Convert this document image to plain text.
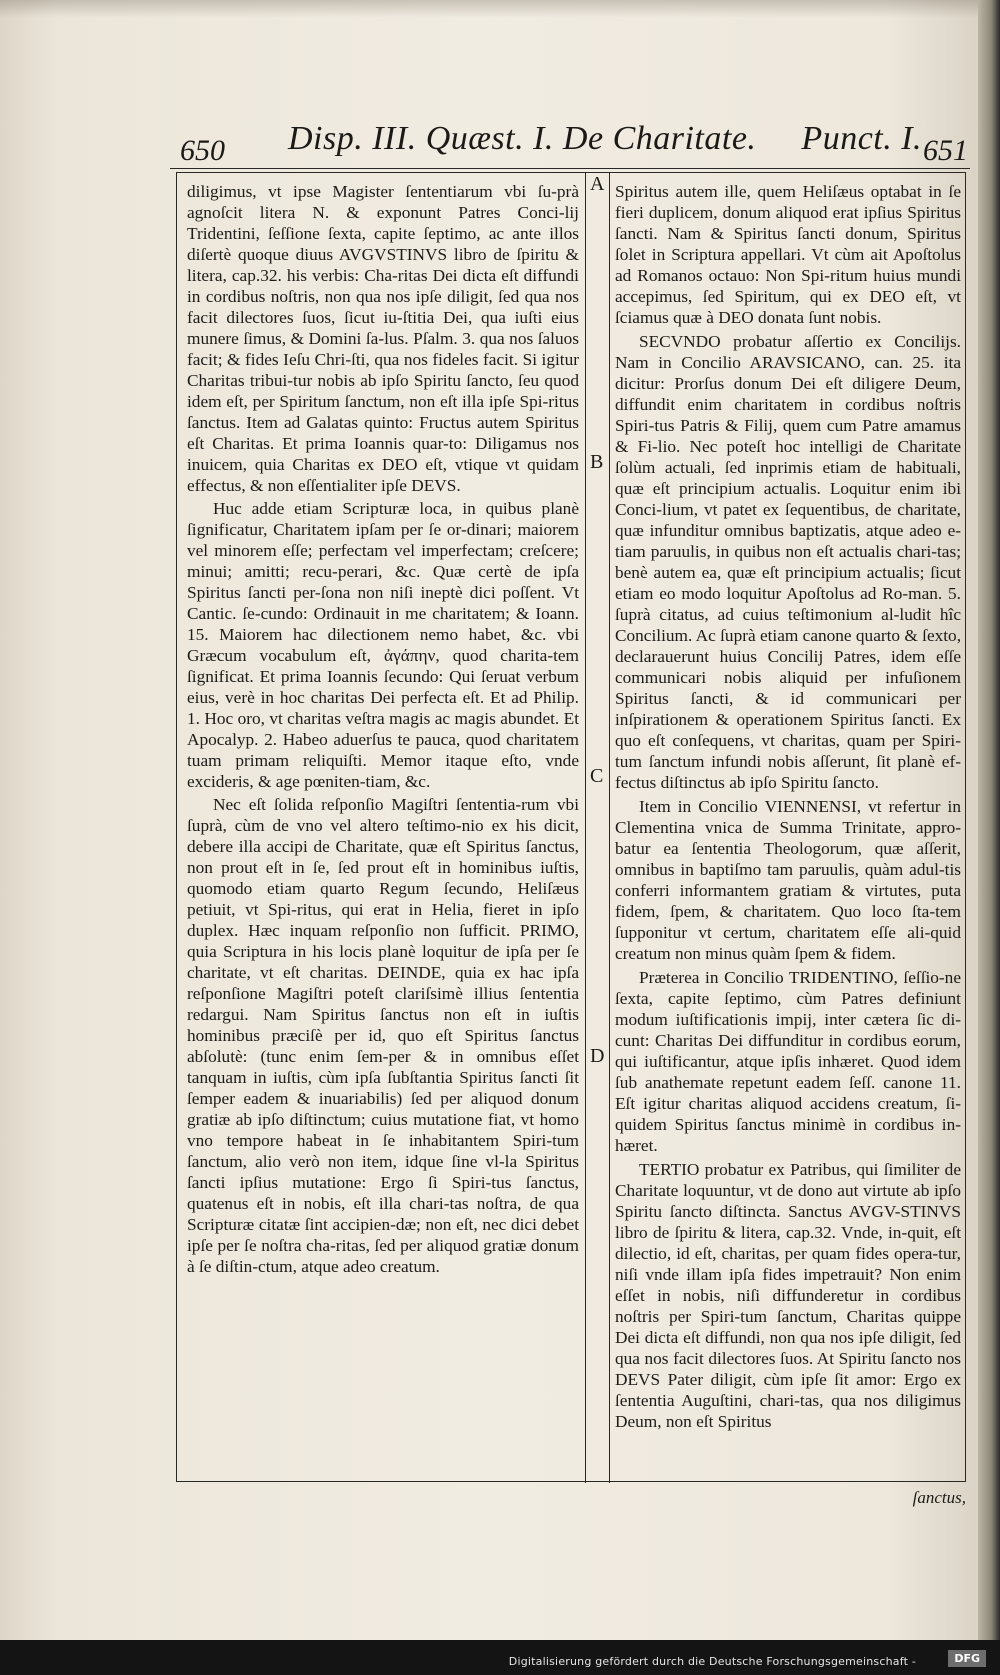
650 Disp. III. Quæst. I. De Charitate. Punct. I. 651

diligimus, vt ipse Magister ſententiarum vbi ſu-prà agnoſcit litera N. & exponunt Patres Conci-lij Tridentini, ſeſſione ſexta, capite ſeptimo, ac ante illos diſertè quoque diuus AVGVSTINVS libro de ſpiritu & litera, cap.32. his verbis: Cha-ritas Dei dicta eſt diffundi in cordibus noſtris, non qua nos ipſe diligit, ſed qua nos facit dilectores ſuos, ſicut iu-ſtitia Dei, qua iuſti eius munere ſimus, & Domini ſa-lus. Pſalm. 3. qua nos ſaluos facit; & fides Ieſu Chri-ſti, qua nos fideles facit. Si igitur Charitas tribui-tur nobis ab ipſo Spiritu ſancto, ſeu quod idem eſt, per Spiritum ſanctum, non eſt illa ipſe Spi-ritus ſanctus. Item ad Galatas quinto: Fructus autem Spiritus eſt Charitas. Et prima Ioannis quar-to: Diligamus nos inuicem, quia Charitas ex DEO eſt, vtique vt quidam effectus, & non eſſentialiter ipſe DEVS.

Huc adde etiam Scripturæ loca, in quibus planè ſignificatur, Charitatem ipſam per ſe or-dinari; maiorem vel minorem eſſe; perfectam vel imperfectam; creſcere; minui; amitti; recu-perari, &c. Quæ certè de ipſa Spiritus ſancti per-ſona non niſi ineptè dici poſſent. Vt Cantic. ſe-cundo: Ordinauit in me charitatem; & Ioann. 15. Maiorem hac dilectionem nemo habet, &c. vbi Græcum vocabulum eſt, ἀγάπην, quod charita-tem ſignificat. Et prima Ioannis ſecundo: Qui ſeruat verbum eius, verè in hoc charitas Dei perfecta eſt. Et ad Philip. 1. Hoc oro, vt charitas veſtra magis ac magis abundet. Et Apocalyp. 2. Habeo aduerſus te pauca, quod charitatem tuam primam reliquiſti. Memor itaque eſto, vnde excideris, & age pœniten-tiam, &c.

Nec eſt ſolida reſponſio Magiſtri ſententia-rum vbi ſuprà, cùm de vno vel altero teſtimo-nio ex his dicit, debere illa accipi de Charitate, quæ eſt Spiritus ſanctus, non prout eſt in ſe, ſed prout eſt in hominibus iuſtis, quomodo etiam quarto Regum ſecundo, Heliſæus petiuit, vt Spi-ritus, qui erat in Helia, fieret in ipſo duplex. Hæc inquam reſponſio non ſufficit. PRIMO, quia Scriptura in his locis planè loquitur de ipſa per ſe charitate, vt eſt charitas. DEINDE, quia ex hac ipſa reſponſione Magiſtri poteſt clariſsimè illius ſententia redargui. Nam Spiritus ſanctus non eſt in iuſtis hominibus præciſè per id, quo eſt Spiritus ſanctus abſolutè: (tunc enim ſem-per & in omnibus eſſet tanquam in iuſtis, cùm ipſa ſubſtantia Spiritus ſancti ſit ſemper eadem & inuariabilis) ſed per aliquod donum gratiæ ab ipſo diſtinctum; cuius mutatione fiat, vt homo vno tempore habeat in ſe inhabitantem Spiri-tum ſanctum, alio verò non item, idque ſine vl-la Spiritus ſancti ipſius mutatione: Ergo ſi Spiri-tus ſanctus, quatenus eſt in nobis, eſt illa chari-tas noſtra, de qua Scripturæ citatæ ſint accipien-dæ; non eſt, nec dici debet ipſe per ſe noſtra cha-ritas, ſed per aliquod gratiæ donum à ſe diſtin-ctum, atque adeo creatum.

A
B
C
D

Spiritus autem ille, quem Heliſæus optabat in ſe fieri duplicem, donum aliquod erat ipſius Spiritus ſancti. Nam & Spiritus ſancti donum, Spiritus ſolet in Scriptura appellari. Vt cùm ait Apoſtolus ad Romanos octauo: Non Spi-ritum huius mundi accepimus, ſed Spiritum, qui ex DEO eſt, vt ſciamus quæ à DEO donata ſunt nobis.

SECVNDO probatur aſſertio ex Concilijs. Nam in Concilio ARAVSICANO, can. 25. ita dicitur: Prorſus donum Dei eſt diligere Deum, diffundit enim charitatem in cordibus noſtris Spiri-tus Patris & Filij, quem cum Patre amamus & Fi-lio. Nec poteſt hoc intelligi de Charitate ſolùm actuali, ſed inprimis etiam de habituali, quæ eſt principium actualis. Loquitur enim ibi Conci-lium, vt patet ex ſequentibus, de charitate, quæ infunditur omnibus baptizatis, atque adeo e-tiam paruulis, in quibus non eſt actualis chari-tas; benè autem ea, quæ eſt principium actualis; ſicut etiam eo modo loquitur Apoſtolus ad Ro-man. 5. ſuprà citatus, ad cuius teſtimonium al-ludit hîc Concilium. Ac ſuprà etiam canone quarto & ſexto, declarauerunt huius Concilij Patres, idem eſſe communicari nobis aliquid per infuſionem Spiritus ſancti, & id communicari per inſpirationem & operationem Spiritus ſancti. Ex quo eſt conſequens, vt charitas, quam per Spiri-tum ſanctum infundi nobis aſſerunt, ſit planè ef-fectus diſtinctus ab ipſo Spiritu ſancto.

Item in Concilio VIENNENSI, vt refertur in Clementina vnica de Summa Trinitate, appro-batur ea ſententia Theologorum, quæ aſſerit, omnibus in baptiſmo tam paruulis, quàm adul-tis conferri informantem gratiam & virtutes, puta fidem, ſpem, & charitatem. Quo loco ſta-tem ſupponitur vt certum, charitatem eſſe ali-quid creatum non minus quàm ſpem & fidem.

Præterea in Concilio TRIDENTINO, ſeſſio-ne ſexta, capite ſeptimo, cùm Patres definiunt modum iuſtificationis impij, inter cætera ſic di-cunt: Charitas Dei diffunditur in cordibus eorum, qui iuſtificantur, atque ipſis inhæret. Quod idem ſub anathemate repetunt eadem ſeſſ. canone 11. Eſt igitur charitas aliquod accidens creatum, ſi-quidem Spiritus ſanctus minimè in cordibus in-hæret.

TERTIO probatur ex Patribus, qui ſimiliter de Charitate loquuntur, vt de dono aut virtute ab ipſo Spiritu ſancto diſtincta. Sanctus AVGV-STINVS libro de ſpiritu & litera, cap.32. Vnde, in-quit, eſt dilectio, id eſt, charitas, per quam fides opera-tur, niſi vnde illam ipſa fides impetrauit? Non enim eſſet in nobis, niſi diffunderetur in cordibus noſtris per Spiri-tum ſanctum, Charitas quippe Dei dicta eſt diffundi, non qua nos ipſe diligit, ſed qua nos facit dilectores ſuos. At Spiritu ſancto nos DEVS Pater diligit, cùm ipſe ſit amor: Ergo ex ſententia Auguſtini, chari-tas, qua nos diligimus Deum, non eſt Spiritus

Digitalisierung gefördert durch die Deutsche Forschungsgemeinschaft -	DFG
ſanctus,
